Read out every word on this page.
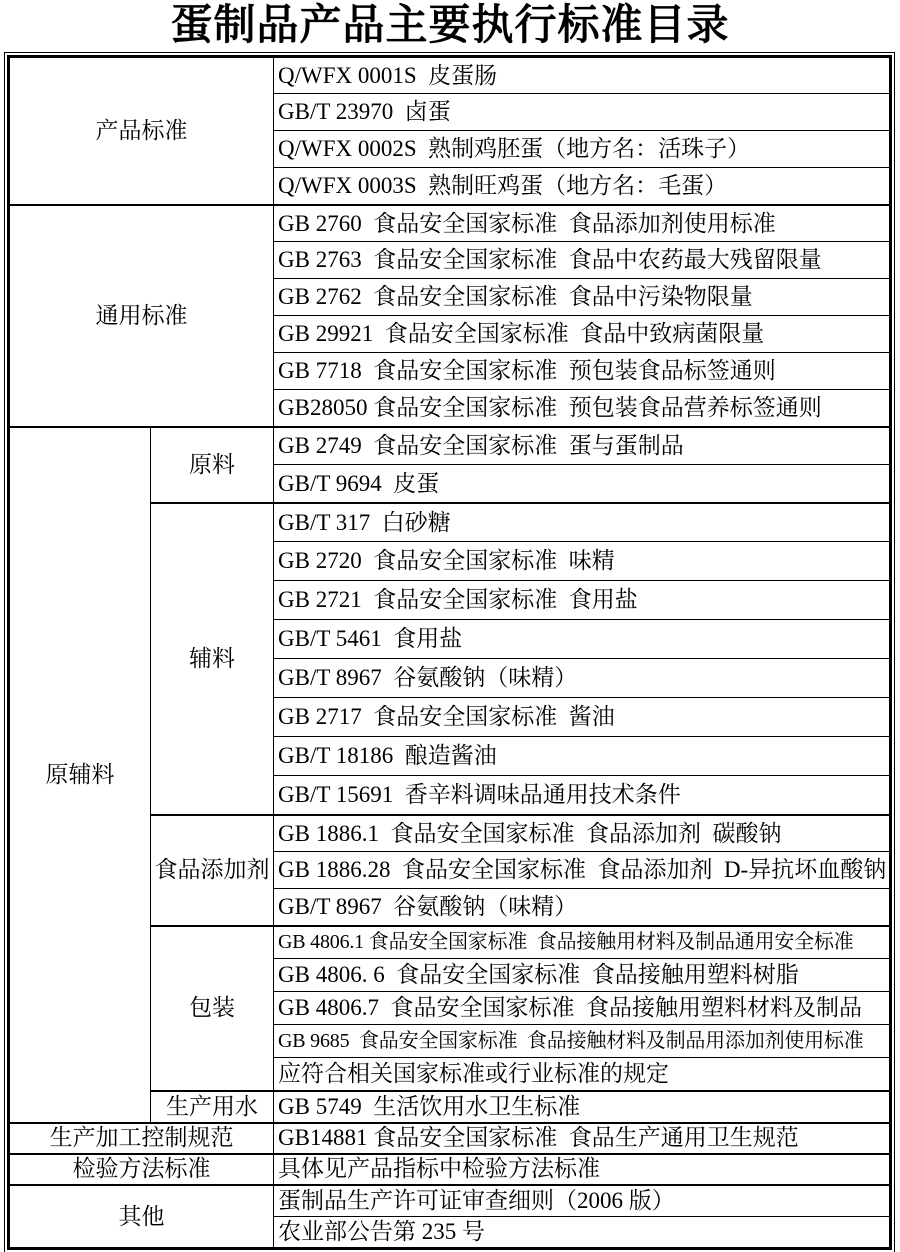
蛋制品产品主要执行标准目录
产品标准		Q/WFX 0001S  皮蛋肠
		GB/T 23970  卤蛋
		Q/WFX 0002S  熟制鸡胚蛋（地方名：活珠子）
		Q/WFX 0003S  熟制旺鸡蛋（地方名：毛蛋）
通用标准		GB 2760  食品安全国家标准  食品添加剂使用标准
		GB 2763  食品安全国家标准  食品中农药最大残留限量
		GB 2762  食品安全国家标准  食品中污染物限量
		GB 29921  食品安全国家标准  食品中致病菌限量
		GB 7718  食品安全国家标准  预包装食品标签通则
		GB28050 食品安全国家标准  预包装食品营养标签通则
原辅料	原料	GB 2749  食品安全国家标准  蛋与蛋制品
		GB/T 9694  皮蛋
	辅料	GB/T 317  白砂糖
		GB 2720  食品安全国家标准  味精
		GB 2721  食品安全国家标准  食用盐
		GB/T 5461  食用盐
		GB/T 8967  谷氨酸钠（味精）
		GB 2717  食品安全国家标准  酱油
		GB/T 18186  酿造酱油
		GB/T 15691  香辛料调味品通用技术条件
	食品添加剂	GB 1886.1  食品安全国家标准  食品添加剂  碳酸钠
		GB 1886.28  食品安全国家标准  食品添加剂  D-异抗坏血酸钠
		GB/T 8967  谷氨酸钠（味精）
	包装	GB 4806.1 食品安全国家标准  食品接触用材料及制品通用安全标准
		GB 4806. 6  食品安全国家标准  食品接触用塑料树脂
		GB 4806.7  食品安全国家标准  食品接触用塑料材料及制品
		GB 9685  食品安全国家标准  食品接触材料及制品用添加剂使用标准
		应符合相关国家标准或行业标准的规定
	生产用水	GB 5749  生活饮用水卫生标准
生产加工控制规范		GB14881 食品安全国家标准  食品生产通用卫生规范
检验方法标准		具体见产品指标中检验方法标准
其他		蛋制品生产许可证审查细则（2006 版）
		农业部公告第 235 号
